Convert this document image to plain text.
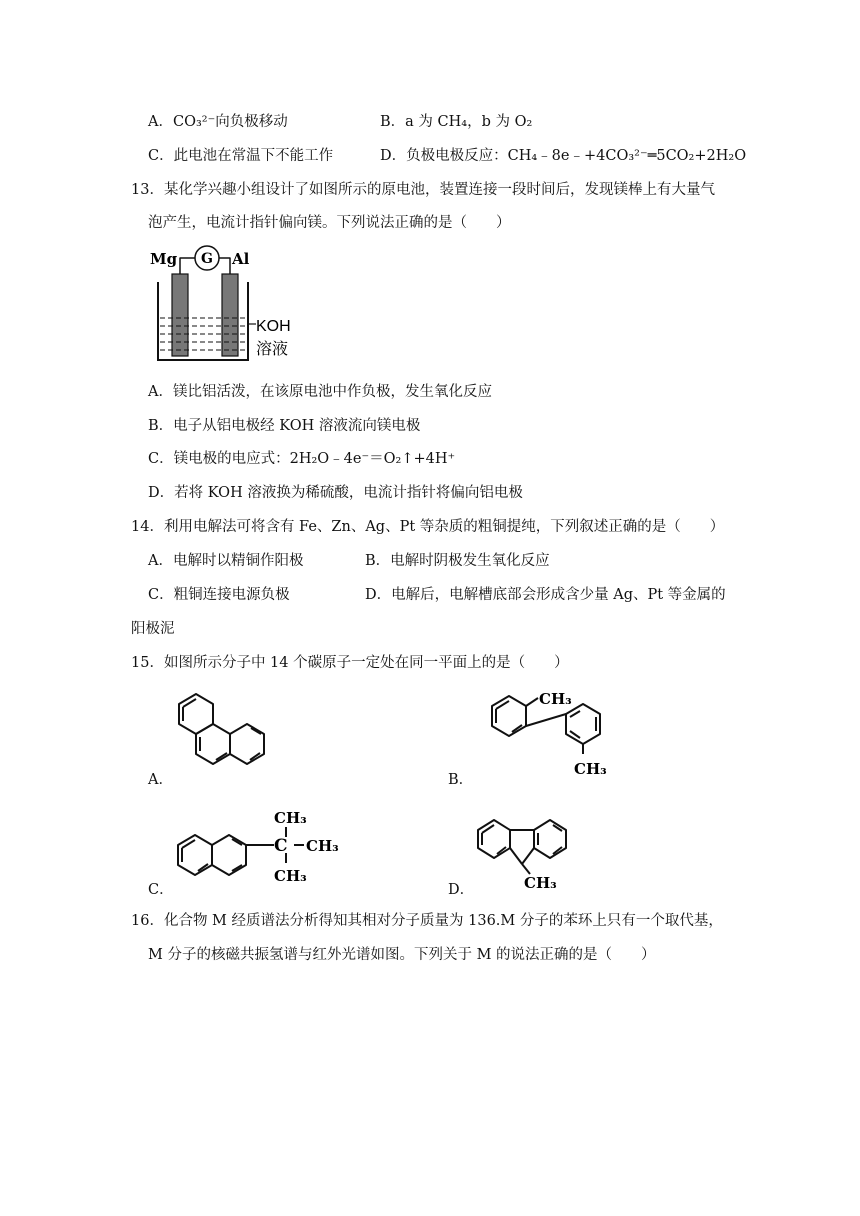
A．CO₃²⁻向负极移动	B．a 为 CH₄，b 为 O₂
C．此电池在常温下不能工作	D．负极电极反应：CH₄﹣8e﹣+4CO₃²⁻═5CO₂+2H₂O
13．某化学兴趣小组设计了如图所示的原电池，装置连接一段时间后，发现镁棒上有大量气
泡产生，电流计指针偏向镁。下列说法正确的是（　　）
G
Mg	Al
KOH
溶液
A．镁比铝活泼，在该原电池中作负极，发生氧化反应
B．电子从铝电极经 KOH 溶液流向镁电极
C．镁电极的电应式：2H₂O﹣4e⁻＝O₂↑+4H⁺
D．若将 KOH 溶液换为稀硫酸，电流计指针将偏向铝电极
14．利用电解法可将含有 Fe、Zn、Ag、Pt 等杂质的粗铜提纯，下列叙述正确的是（　　）
A．电解时以精铜作阳极	B．电解时阴极发生氧化反应
C．粗铜连接电源负极	D．电解后，电解槽底部会形成含少量 Ag、Pt 等金属的
阳极泥
15．如图所示分子中 14 个碳原子一定处在同一平面上的是（　　）
A．	B．
C．	D．
CH₃
CH₃
C
CH₃
CH₃
CH₃	CH₃
16．化合物 M 经质谱法分析得知其相对分子质量为 136.M 分子的苯环上只有一个取代基，
M 分子的核磁共振氢谱与红外光谱如图。下列关于 M 的说法正确的是（　　）
